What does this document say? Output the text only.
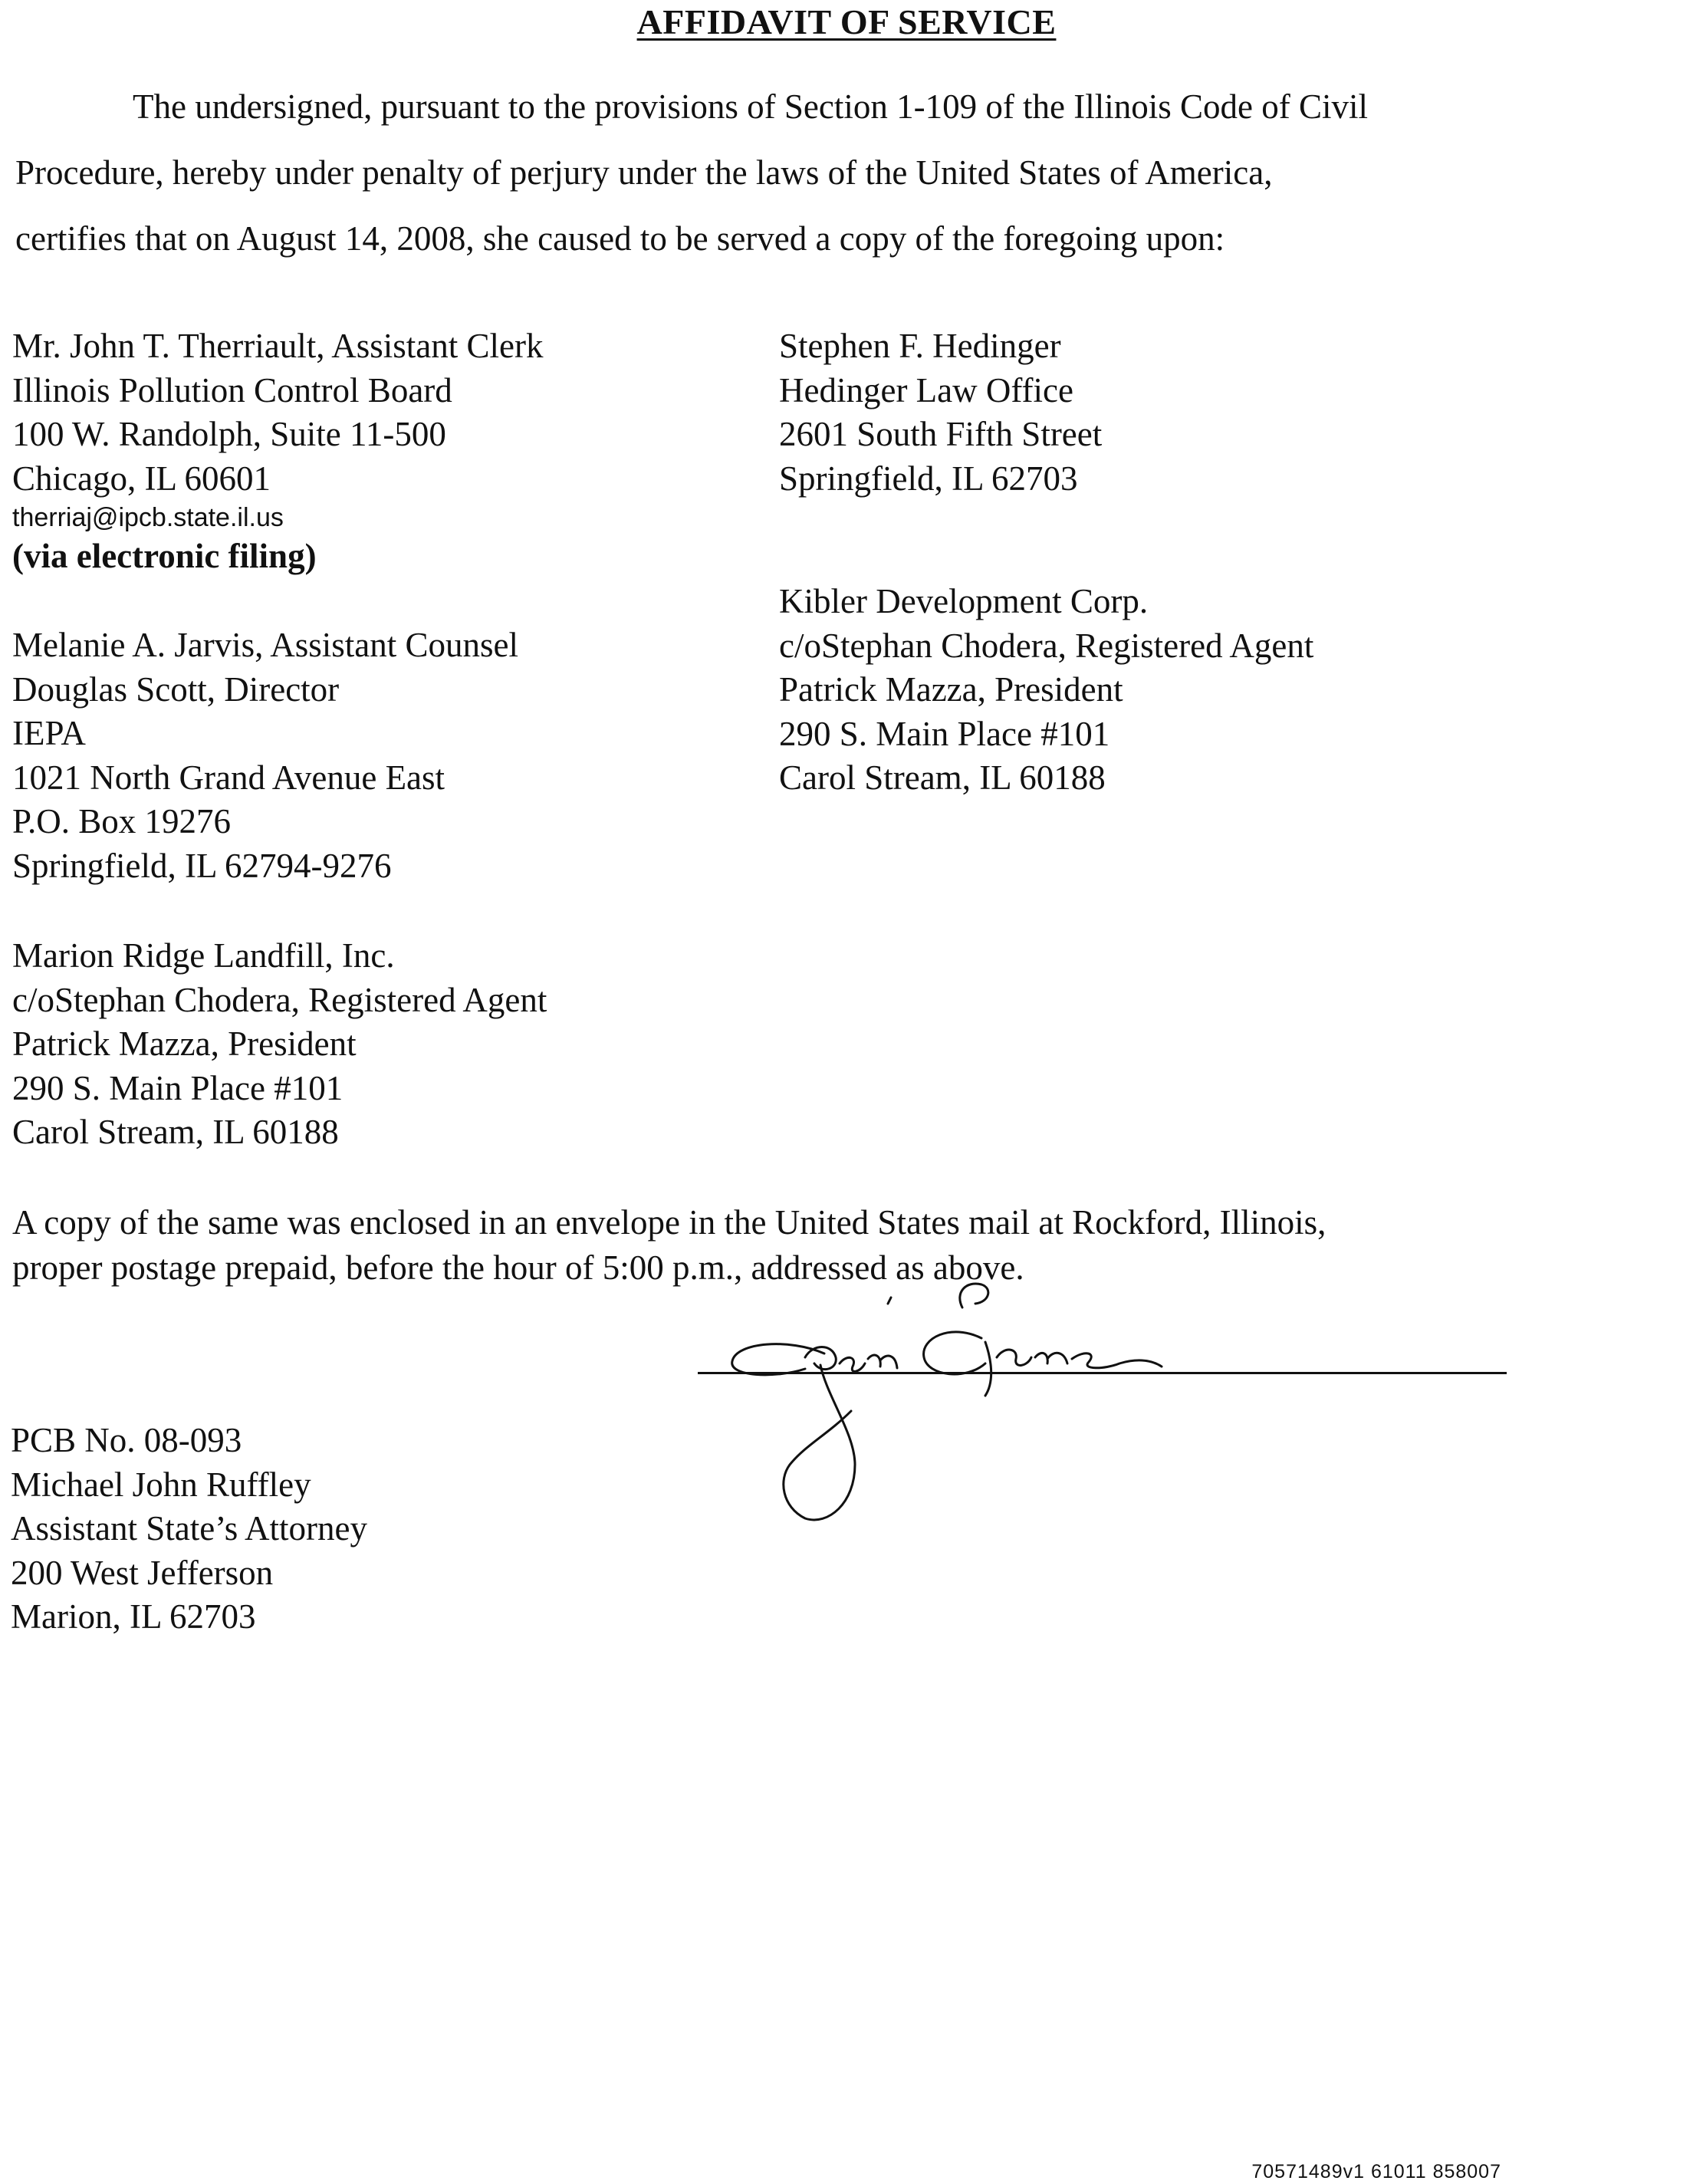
AFFIDAVIT OF SERVICE
The undersigned, pursuant to the provisions of Section 1-109 of the Illinois Code of Civil
Procedure, hereby under penalty of perjury under the laws of the United States of America,
certifies that on August 14, 2008, she caused to be served a copy of the foregoing upon:
Mr. John T. Therriault, Assistant Clerk
Illinois Pollution Control Board
100 W. Randolph, Suite 11-500
Chicago, IL 60601
therriaj@ipcb.state.il.us
(via electronic filing)
Stephen F. Hedinger
Hedinger Law Office
2601 South Fifth Street
Springfield, IL 62703
Kibler Development Corp.
c/oStephan Chodera, Registered Agent
Patrick Mazza, President
290 S. Main Place #101
Carol Stream, IL 60188
Melanie A. Jarvis, Assistant Counsel
Douglas Scott, Director
IEPA
1021 North Grand Avenue East
P.O. Box 19276
Springfield, IL 62794-9276
Marion Ridge Landfill, Inc.
c/oStephan Chodera, Registered Agent
Patrick Mazza, President
290 S. Main Place #101
Carol Stream, IL 60188
A copy of the same was enclosed in an envelope in the United States mail at Rockford, Illinois,
proper postage prepaid, before the hour of 5:00 p.m., addressed as above.
PCB No. 08-093
Michael John Ruffley
Assistant State’s Attorney
200 West Jefferson
Marion, IL 62703
70571489v1 61011 858007
